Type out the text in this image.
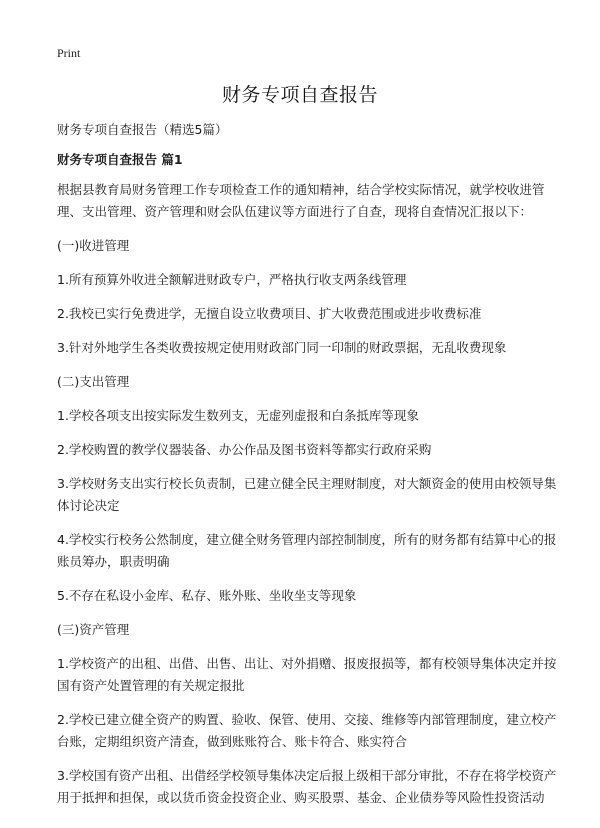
Print
财务专项自查报告

财务专项自查报告（精选5篇）

财务专项自查报告 篇1

根据县教育局财务管理工作专项检查工作的通知精神，结合学校实际情况，就学校收进管理、支出管理、资产管理和财会队伍建议等方面进行了自查，现将自查情况汇报以下：

(一)收进管理

1.所有预算外收进全额解进财政专户，严格执行收支两条线管理

2.我校已实行免费进学，无擅自设立收费项目、扩大收费范围或进步收费标准

3.针对外地学生各类收费按规定使用财政部门同一印制的财政票据，无乱收费现象

(二)支出管理

1.学校各项支出按实际发生数列支，无虚列虚报和白条抵库等现象

2.学校购置的教学仪器装备、办公作品及图书资料等都实行政府采购

3.学校财务支出实行校长负责制，已建立健全民主理财制度，对大额资金的使用由校领导集体讨论决定

4.学校实行校务公然制度，建立健全财务管理内部控制制度，所有的财务都有结算中心的报账员筹办，职责明确

5.不存在私设小金库、私存、账外账、坐收坐支等现象

(三)资产管理

1.学校资产的出租、出借、出售、出让、对外捐赠、报废报损等，都有校领导集体决定并按国有资产处置管理的有关规定报批

2.学校已建立健全资产的购置、验收、保管、使用、交接、维修等内部管理制度，建立校产台账，定期组织资产清查，做到账账符合、账卡符合、账实符合

3.学校国有资产出租、出借经学校领导集体决定后报上级相干部分审批，不存在将学校资产用于抵押和担保，或以货币资金投资企业、购买股票、基金、企业债券等风险性投资活动
